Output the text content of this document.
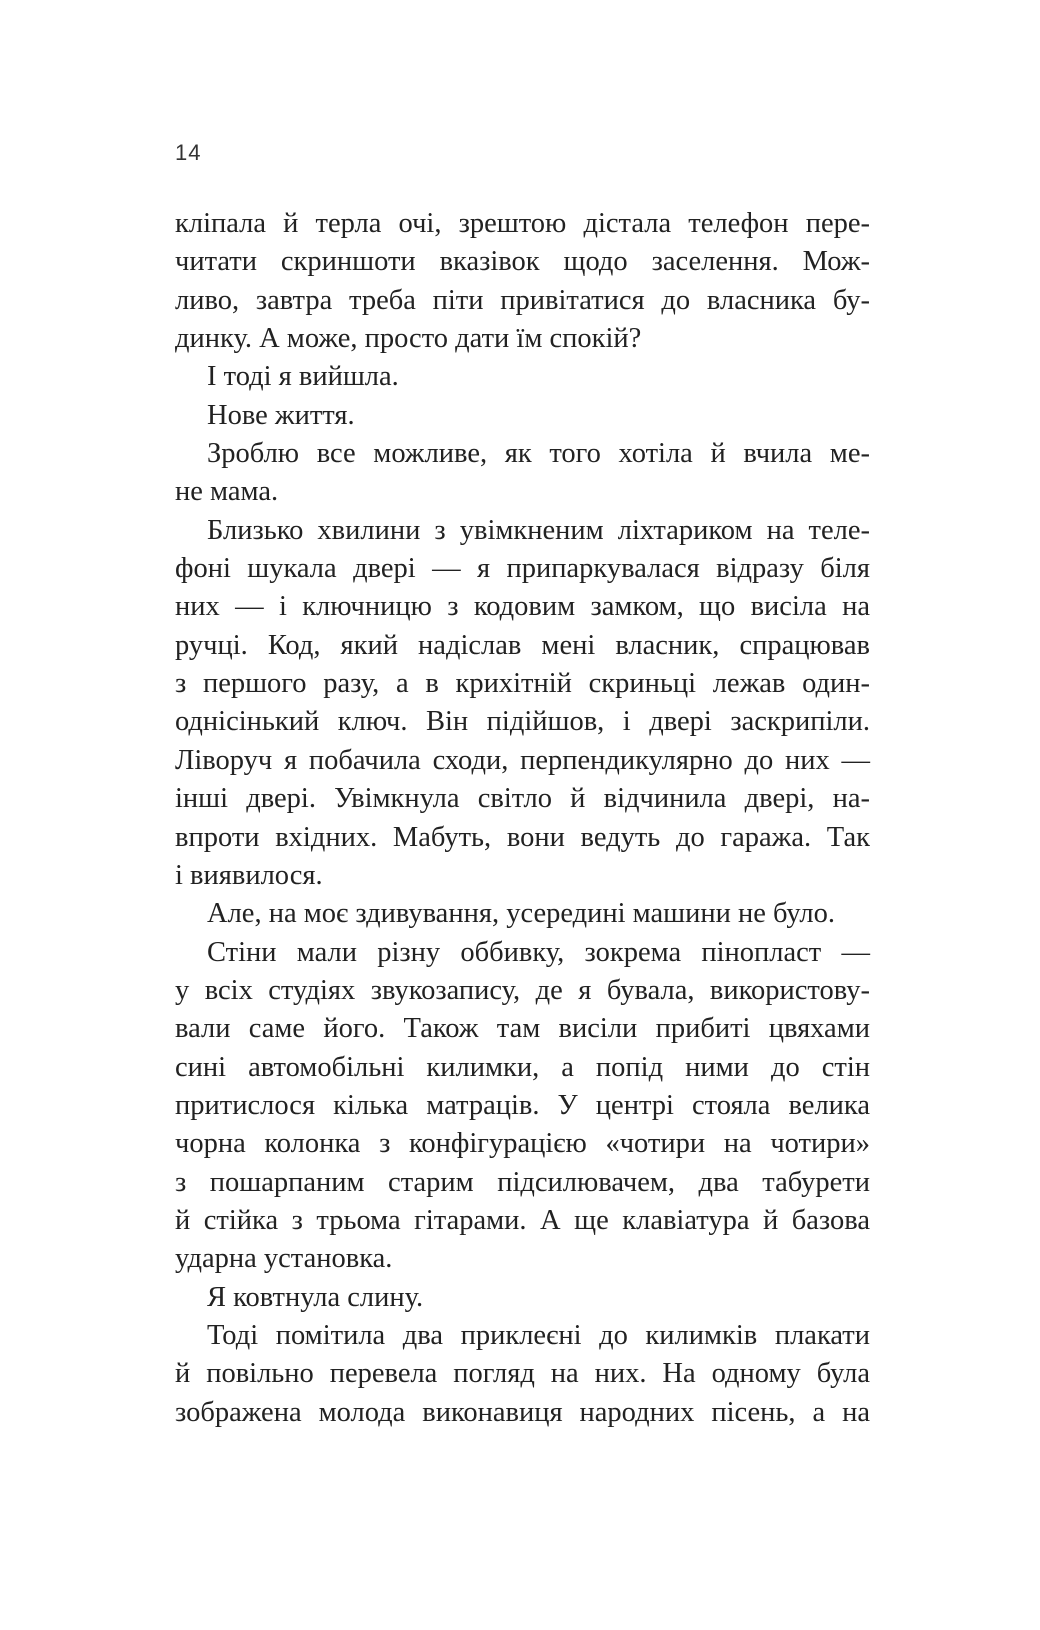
14
кліпала й терла очі, зрештою дістала телефон пере-
читати скриншоти вказівок щодо заселення. Мож-
ливо, завтра треба піти привітатися до власника бу-
динку. А може, просто дати їм спокій?
І тоді я вийшла.
Нове життя.
Зроблю все можливе, як того хотіла й вчила ме-
не мама.
Близько хвилини з увімкненим ліхтариком на теле-
фоні шукала двері — я припаркувалася відразу біля
них — і ключницю з кодовим замком, що висіла на
ручці. Код, який надіслав мені власник, спрацював
з першого разу, а в крихітній скриньці лежав один-
однісінький ключ. Він підійшов, і двері заскрипіли.
Ліворуч я побачила сходи, перпендикулярно до них —
інші двері. Увімкнула світло й відчинила двері, на-
впроти вхідних. Мабуть, вони ведуть до гаража. Так
і виявилося.
Але, на моє здивування, усередині машини не було.
Стіни мали різну оббивку, зокрема пінопласт —
у всіх студіях звукозапису, де я бувала, використову-
вали саме його. Також там висіли прибиті цвяхами
сині автомобільні килимки, а попід ними до стін
притислося кілька матраців. У центрі стояла велика
чорна колонка з конфігурацією «чотири на чотири»
з пошарпаним старим підсилювачем, два табурети
й стійка з трьома гітарами. А ще клавіатура й базова
ударна установка.
Я ковтнула слину.
Тоді помітила два приклеєні до килимків плакати
й повільно перевела погляд на них. На одному була
зображена молода виконавиця народних пісень, а на
